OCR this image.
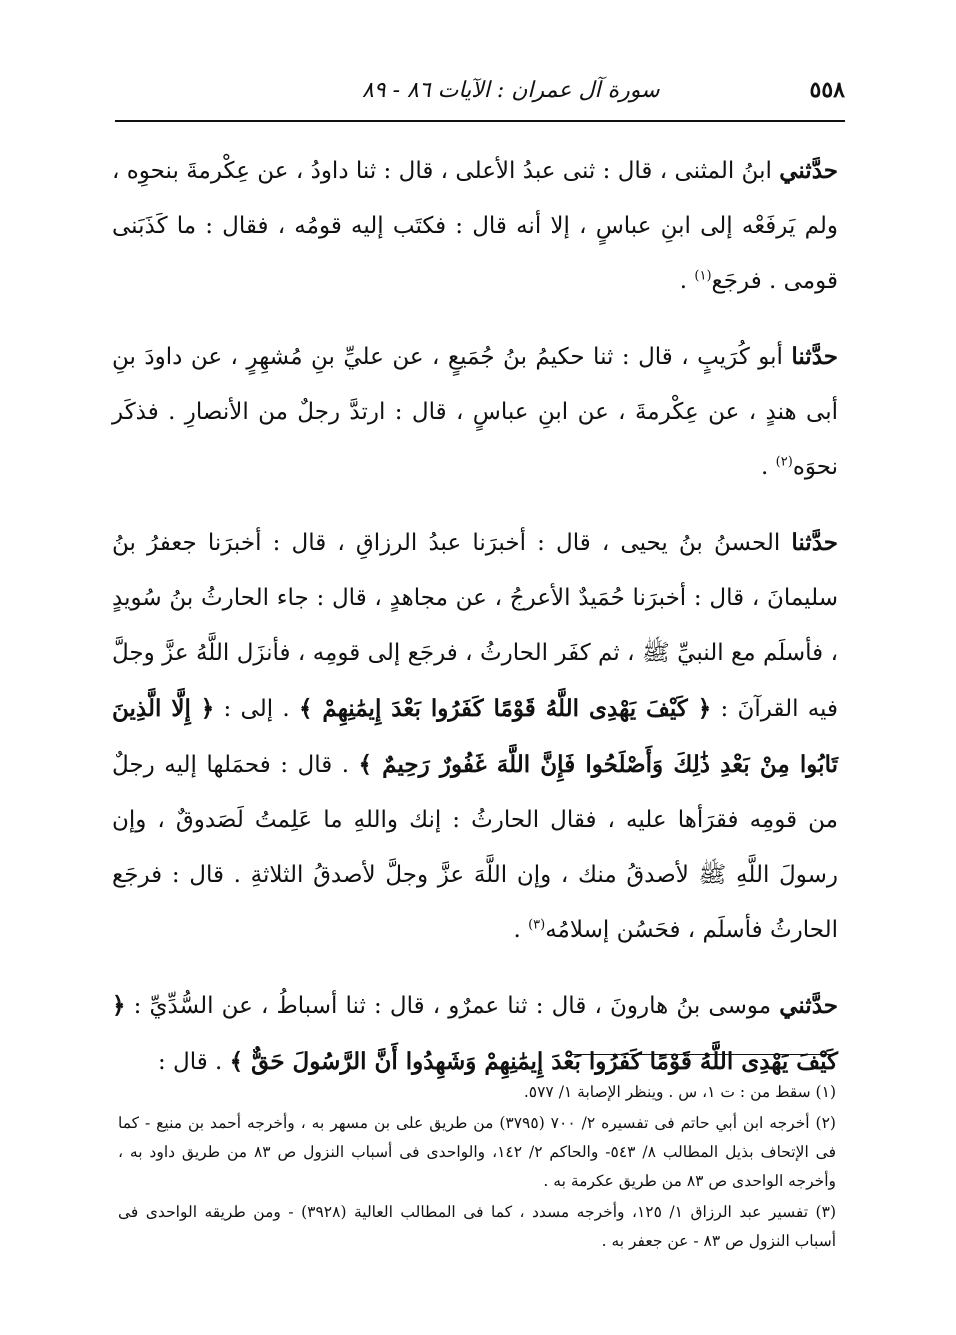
٥٥٨
سورة آل عمران : الآيات ٨٦ - ٨٩

حدَّثني ابنُ المثنى ، قال : ثنى عبدُ الأعلى ، قال : ثنا داودُ ، عن عِكْرمةَ بنحوِه ، ولم يَرفَعْه إلى ابنِ عباسٍ ، إلا أنه قال : فكتَب إليه قومُه ، فقال : ما كَذَبَنى قومى . فرجَع$^{(١)}$ .

حدَّثنا أبو كُرَيبٍ ، قال : ثنا حكيمُ بنُ جُمَيعٍ ، عن عليِّ بنِ مُشهِرٍ ، عن داودَ بنِ أبى هندٍ ، عن عِكْرمةَ ، عن ابنِ عباسٍ ، قال : ارتدَّ رجلٌ من الأنصارِ . فذكَر نحوَه$^{(٢)}$ .

حدَّثنا الحسنُ بنُ يحيى ، قال : أخبرَنا عبدُ الرزاقِ ، قال : أخبرَنا جعفرُ بنُ سليمانَ ، قال : أخبرَنا حُمَيدٌ الأعرجُ ، عن مجاهدٍ ، قال : جاء الحارثُ بنُ سُويدٍ ، فأسلَم مع النبيِّ ﷺ ، ثم كفَر الحارثُ ، فرجَع إلى قومِه ، فأنزَل اللَّهُ عزَّ وجلَّ فيه القرآنَ : ﴿ كَيْفَ يَهْدِى اللَّهُ قَوْمًا كَفَرُوا بَعْدَ إِيمَٰنِهِمْ ﴾ . إلى : ﴿ إِلَّا الَّذِينَ تَابُوا مِنْ بَعْدِ ذَٰلِكَ وَأَصْلَحُوا فَإِنَّ اللَّهَ غَفُورٌ رَحِيمٌ ﴾ . قال : فحمَلها إليه رجلٌ من قومِه فقرَأها عليه ، فقال الحارثُ : إنك واللهِ ما عَلِمتُ لَصَدوقٌ ، وإن رسولَ اللَّهِ ﷺ لأصدقُ منك ، وإن اللَّهَ عزَّ وجلَّ لأصدقُ الثلاثةِ . قال : فرجَع الحارثُ فأسلَم ، فحَسُن إسلامُه$^{(٣)}$ .

حدَّثني موسى بنُ هارونَ ، قال : ثنا عمرٌو ، قال : ثنا أسباطُ ، عن السُّدِّيِّ : ﴿ كَيْفَ يَهْدِى اللَّهُ قَوْمًا كَفَرُوا بَعْدَ إِيمَٰنِهِمْ وَشَهِدُوا أَنَّ الرَّسُولَ حَقٌّ ﴾ . قال :

(١) سقط من : ت ١، س . وينظر الإصابة ١/ ٥٧٧.

(٢) أخرجه ابن أبي حاتم فى تفسيره ٢/ ٧٠٠ (٣٧٩٥) من طريق على بن مسهر به ، وأخرجه أحمد بن منيع - كما فى الإتحاف بذيل المطالب ٨/ ٥٤٣- والحاكم ٢/ ١٤٢، والواحدى فى أسباب النزول ص ٨٣ من طريق داود به ، وأخرجه الواحدى ص ٨٣ من طريق عكرمة به .

(٣) تفسير عبد الرزاق ١/ ١٢٥، وأخرجه مسدد ، كما فى المطالب العالية (٣٩٢٨) - ومن طريقه الواحدى فى أسباب النزول ص ٨٣ - عن جعفر به .
